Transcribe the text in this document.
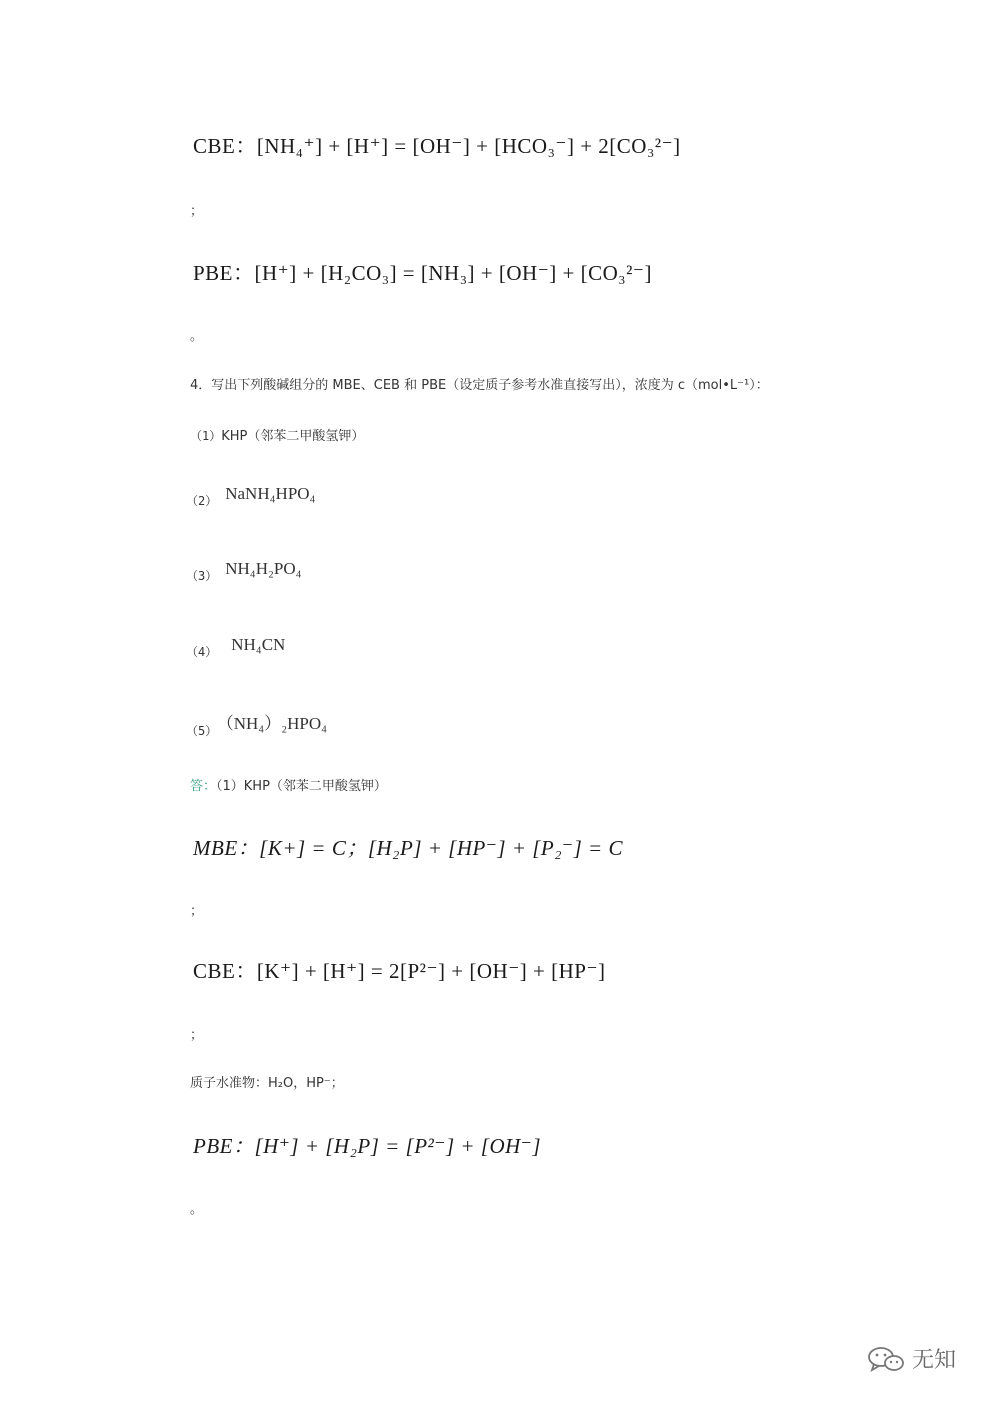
CBE：[NH₄⁺] + [H⁺] = [OH⁻] + [HCO₃⁻] + 2[CO₃²⁻]
；
PBE：[H⁺] + [H₂CO₃] = [NH₃] + [OH⁻] + [CO₃²⁻]
。
4．写出下列酸碱组分的 MBE、CEB 和 PBE（设定质子参考水准直接写出），浓度为 c（mol•L⁻¹）：
（1）KHP（邻苯二甲酸氢钾）
$_{(2)}$ NaNH₄HPO₄
$_{(3)}$ NH₄H₂PO₄
$_{(4)}$ NH₄CN
$_{(5)}$ （NH₄）₂HPO₄
答：（1）KHP（邻苯二甲酸氢钾）
MBE：[K+] = C；[H₂P] + [HP⁻] + [P₂⁻] = C
；
CBE：[K⁺] + [H⁺] = 2[P²⁻] + [OH⁻] + [HP⁻]
；
质子水准物：H₂O，HP⁻；
PBE：[H⁺] + [H₂P] = [P²⁻] + [OH⁻]
。
无知
